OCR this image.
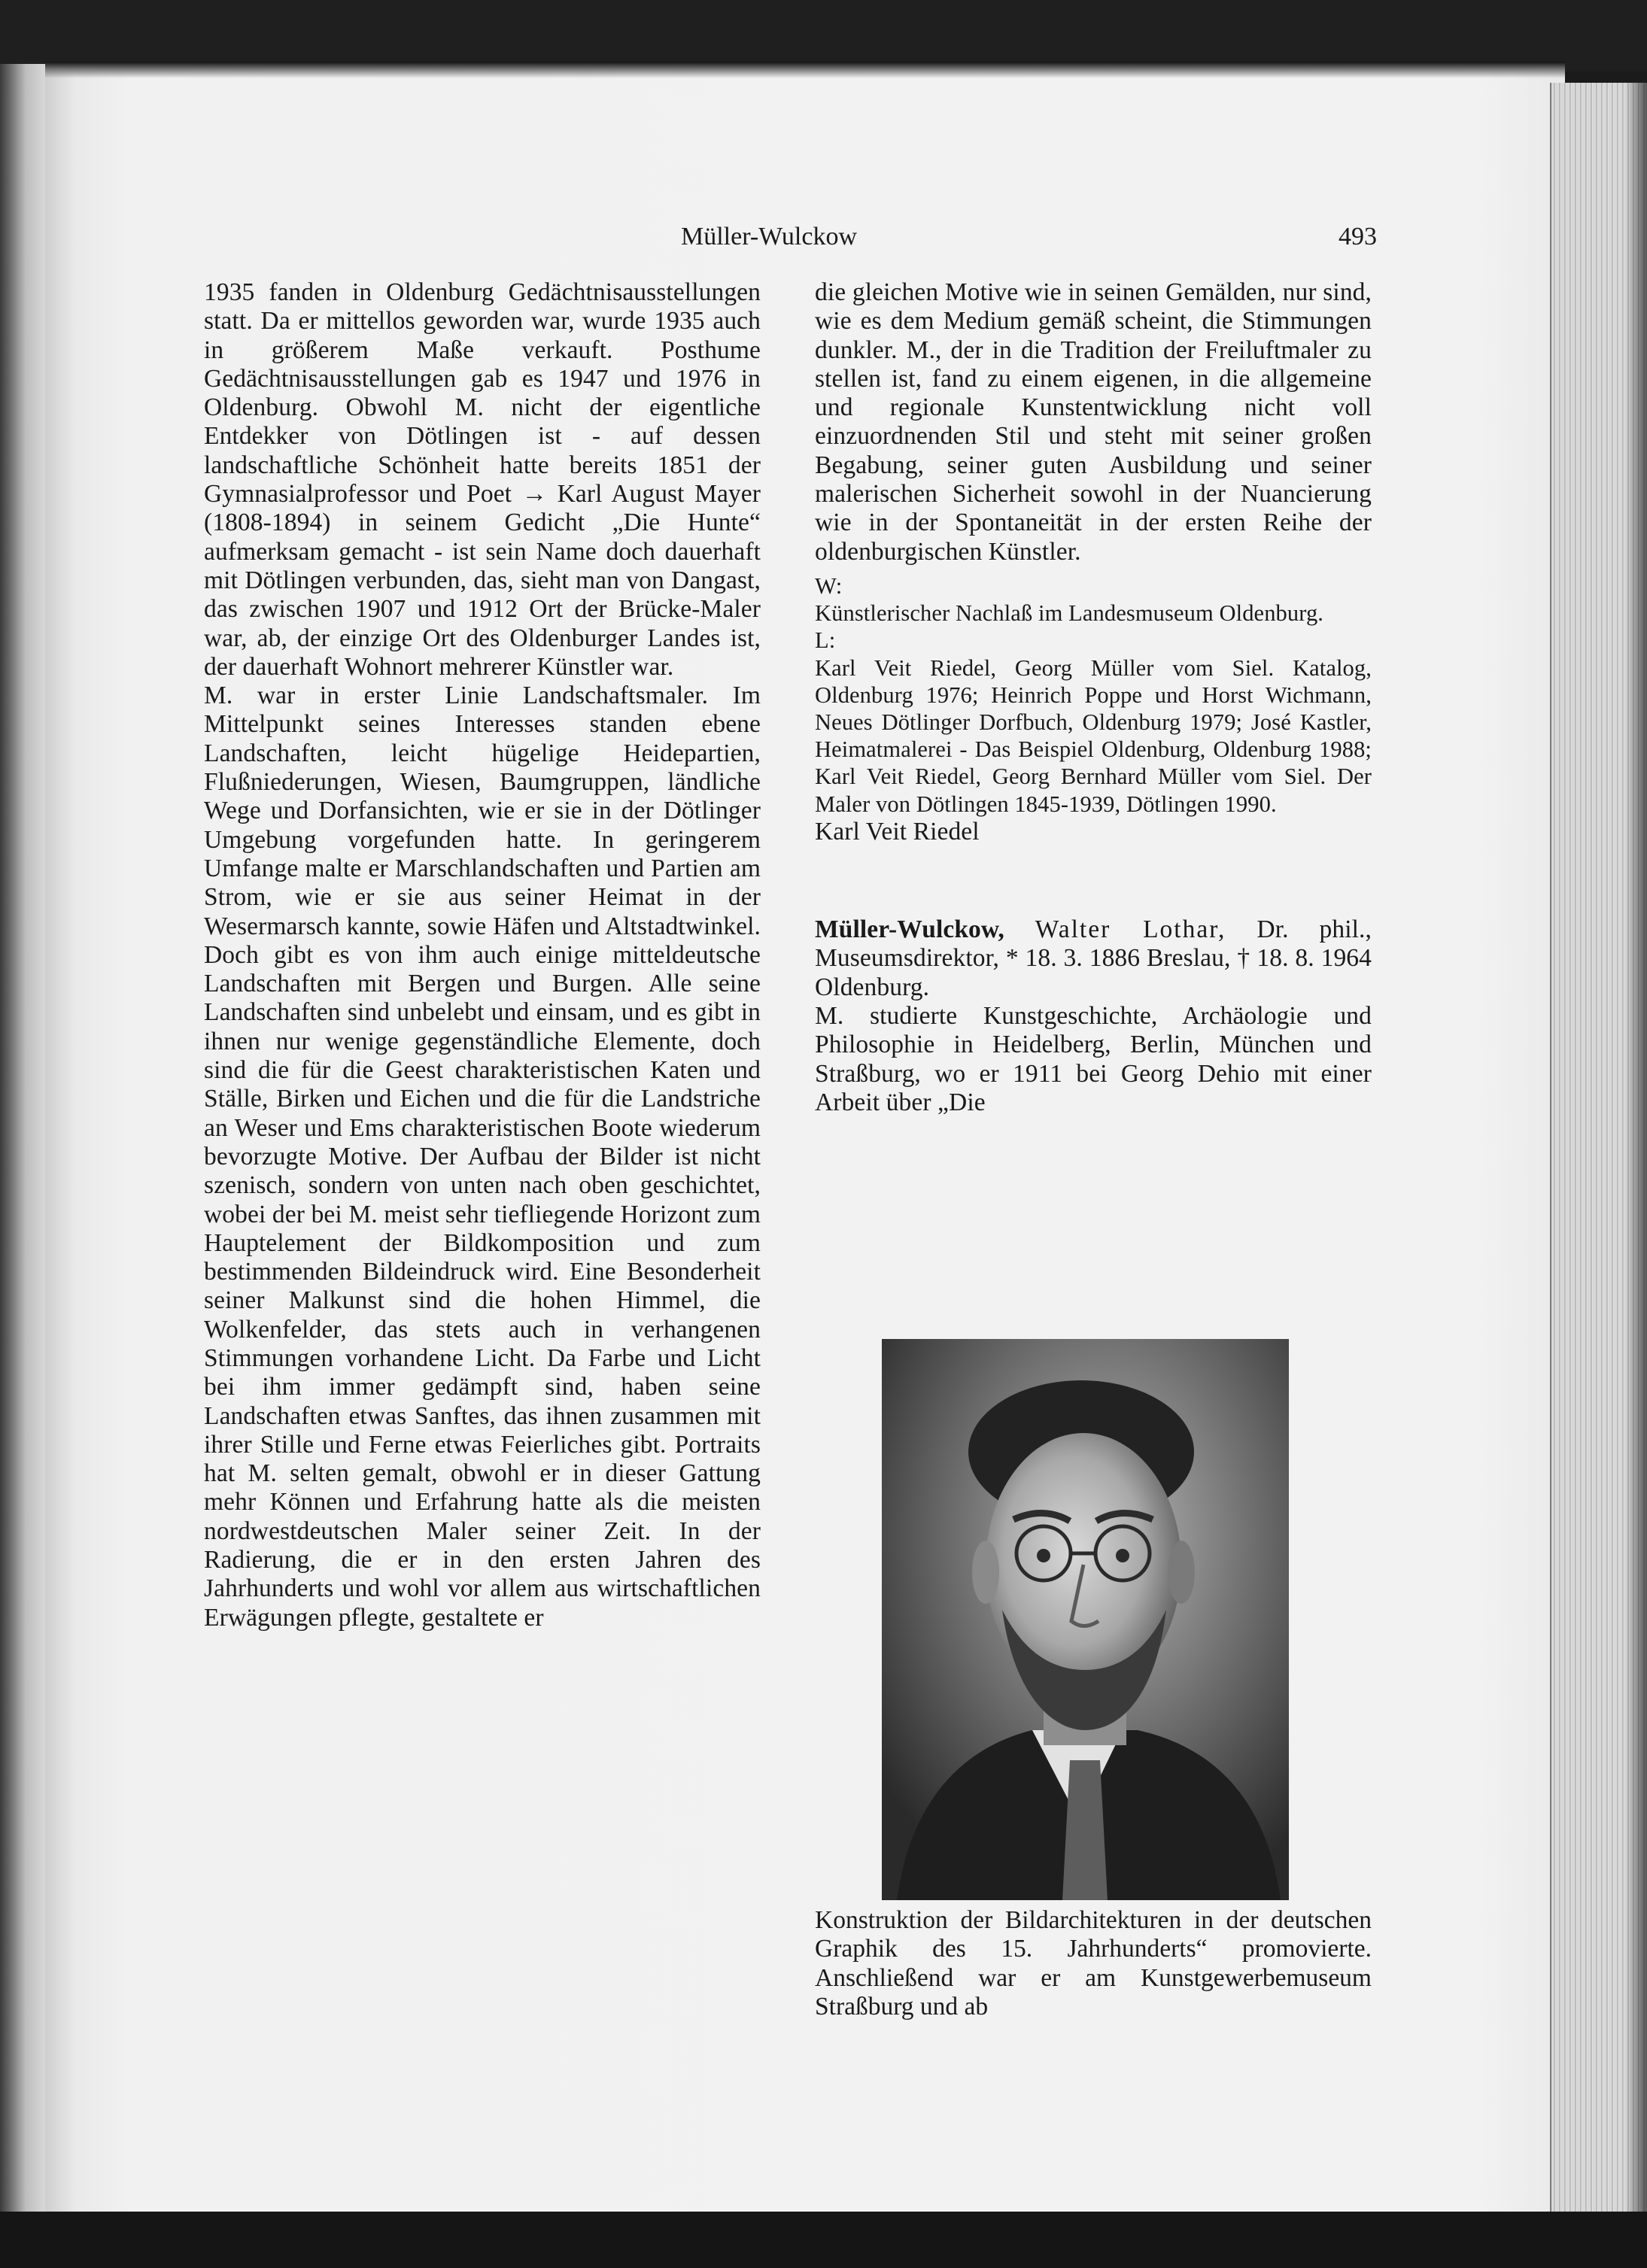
Müller-Wulckow	493

1935 fanden in Oldenburg Gedächtnisausstellungen statt. Da er mittellos geworden war, wurde 1935 auch in größerem Maße verkauft. Posthume Gedächtnisausstellungen gab es 1947 und 1976 in Oldenburg. Obwohl M. nicht der eigentliche Entdekker von Dötlingen ist - auf dessen landschaftliche Schönheit hatte bereits 1851 der Gymnasialprofessor und Poet → Karl August Mayer (1808-1894) in seinem Gedicht „Die Hunte“ aufmerksam gemacht - ist sein Name doch dauerhaft mit Dötlingen verbunden, das, sieht man von Dangast, das zwischen 1907 und 1912 Ort der Brücke-Maler war, ab, der einzige Ort des Oldenburger Landes ist, der dauerhaft Wohnort mehrerer Künstler war.

M. war in erster Linie Landschaftsmaler. Im Mittelpunkt seines Interesses standen ebene Landschaften, leicht hügelige Heidepartien, Flußniederungen, Wiesen, Baumgruppen, ländliche Wege und Dorfansichten, wie er sie in der Dötlinger Umgebung vorgefunden hatte. In geringerem Umfange malte er Marschlandschaften und Partien am Strom, wie er sie aus seiner Heimat in der Wesermarsch kannte, sowie Häfen und Altstadtwinkel. Doch gibt es von ihm auch einige mitteldeutsche Landschaften mit Bergen und Burgen. Alle seine Landschaften sind unbelebt und einsam, und es gibt in ihnen nur wenige gegenständliche Elemente, doch sind die für die Geest charakteristischen Katen und Ställe, Birken und Eichen und die für die Landstriche an Weser und Ems charakteristischen Boote wiederum bevorzugte Motive. Der Aufbau der Bilder ist nicht szenisch, sondern von unten nach oben geschichtet, wobei der bei M. meist sehr tiefliegende Horizont zum Hauptelement der Bildkomposition und zum bestimmenden Bildeindruck wird. Eine Besonderheit seiner Malkunst sind die hohen Himmel, die Wolkenfelder, das stets auch in verhangenen Stimmungen vorhandene Licht. Da Farbe und Licht bei ihm immer gedämpft sind, haben seine Landschaften etwas Sanftes, das ihnen zusammen mit ihrer Stille und Ferne etwas Feierliches gibt. Portraits hat M. selten gemalt, obwohl er in dieser Gattung mehr Können und Erfahrung hatte als die meisten nordwestdeutschen Maler seiner Zeit. In der Radierung, die er in den ersten Jahren des Jahrhunderts und wohl vor allem aus wirtschaftlichen Erwägungen pflegte, gestaltete er

die gleichen Motive wie in seinen Gemälden, nur sind, wie es dem Medium gemäß scheint, die Stimmungen dunkler. M., der in die Tradition der Freiluftmaler zu stellen ist, fand zu einem eigenen, in die allgemeine und regionale Kunstentwicklung nicht voll einzuordnenden Stil und steht mit seiner großen Begabung, seiner guten Ausbildung und seiner malerischen Sicherheit sowohl in der Nuancierung wie in der Spontaneität in der ersten Reihe der oldenburgischen Künstler.

W:

Künstlerischer Nachlaß im Landesmuseum Oldenburg.

L:

Karl Veit Riedel, Georg Müller vom Siel. Katalog, Oldenburg 1976; Heinrich Poppe und Horst Wichmann, Neues Dötlinger Dorfbuch, Oldenburg 1979; José Kastler, Heimatmalerei - Das Beispiel Oldenburg, Oldenburg 1988; Karl Veit Riedel, Georg Bernhard Müller vom Siel. Der Maler von Dötlingen 1845-1939, Dötlingen 1990.

Karl Veit Riedel

Müller-Wulckow, Walter Lothar, Dr. phil., Museumsdirektor, * 18. 3. 1886 Breslau, † 18. 8. 1964 Oldenburg.

M. studierte Kunstgeschichte, Archäologie und Philosophie in Heidelberg, Berlin, München und Straßburg, wo er 1911 bei Georg Dehio mit einer Arbeit über „Die

Konstruktion der Bildarchitekturen in der deutschen Graphik des 15. Jahrhunderts“ promovierte. Anschließend war er am Kunstgewerbemuseum Straßburg und ab
